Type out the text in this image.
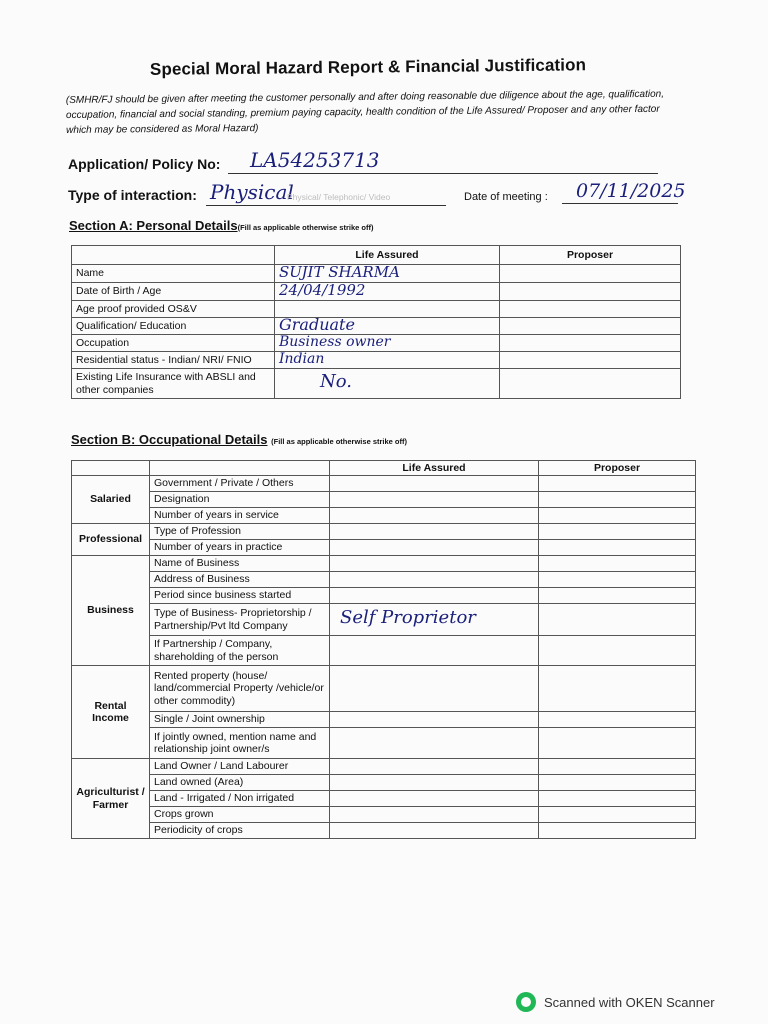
Special Moral Hazard Report & Financial Justification
(SMHR/FJ should be given after meeting the customer personally and after doing reasonable due diligence about the age, qualification, occupation, financial and social standing, premium paying capacity, health condition of the Life Assured/ Proposer and any other factor which may be considered as Moral Hazard)
Application/ Policy No: LA54253713
Type of interaction: Physical
Physical/ Telephonic/ Video	Date of meeting : 07/11/2025
Section A: Personal Details(Fill as applicable otherwise strike off)
	Life Assured	Proposer
Name	SUJIT SHARMA	
Date of Birth / Age	24/04/1992	
Age proof provided OS&V		
Qualification/ Education	Graduate	
Occupation	Business owner	
Residential status - Indian/ NRI/ FNIO	Indian	
Existing Life Insurance with ABSLI and other companies	No.	
Section B: Occupational Details (Fill as applicable otherwise strike off)
		Life Assured	Proposer
Salaried	Government / Private / Others		
	Designation		
	Number of years in service		
Professional	Type of Profession		
	Number of years in practice		
Business	Name of Business		
	Address of Business		
	Period since business started		
	Type of Business- Proprietorship / Partnership/Pvt ltd Company	Self Proprietor	
	If Partnership / Company, shareholding of the person		
Rental Income	Rented property (house/ land/commercial Property /vehicle/or other commodity)		
	Single / Joint ownership		
	If jointly owned, mention name and relationship joint owner/s		
Agriculturist / Farmer	Land Owner / Land Labourer		
	Land owned (Area)		
	Land - Irrigated / Non irrigated		
	Crops grown		
	Periodicity of crops		
Scanned with OKEN Scanner
